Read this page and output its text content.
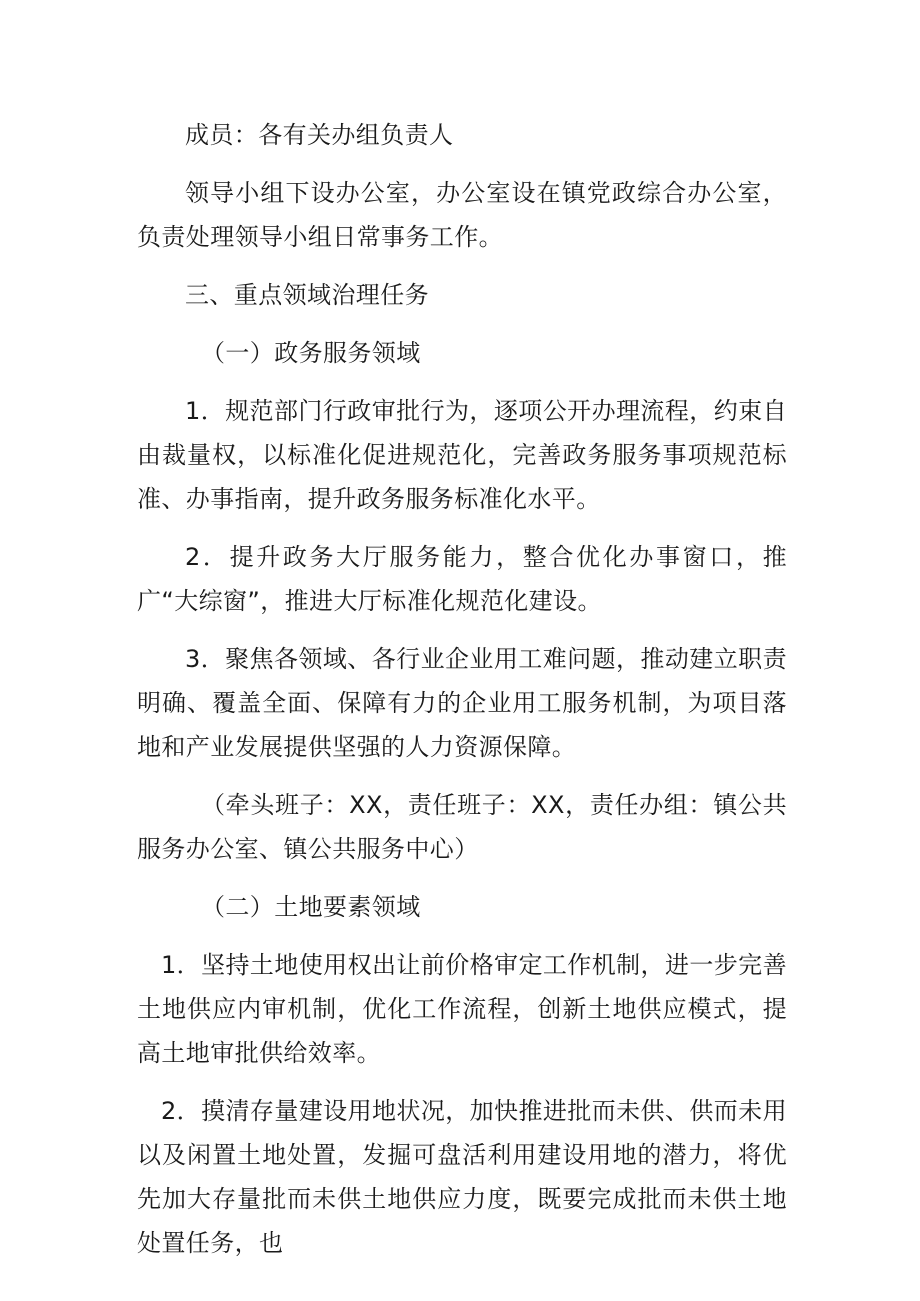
成员：各有关办组负责人

领导小组下设办公室，办公室设在镇党政综合办公室，负责处理领导小组日常事务工作。

三、重点领域治理任务

（一）政务服务领域

1．规范部门行政审批行为，逐项公开办理流程，约束自由裁量权，以标准化促进规范化，完善政务服务事项规范标准、办事指南，提升政务服务标准化水平。

2．提升政务大厅服务能力，整合优化办事窗口，推广“大综窗”，推进大厅标准化规范化建设。

3．聚焦各领域、各行业企业用工难问题，推动建立职责明确、覆盖全面、保障有力的企业用工服务机制，为项目落地和产业发展提供坚强的人力资源保障。

（牵头班子：XX，责任班子：XX，责任办组：镇公共服务办公室、镇公共服务中心）

（二）土地要素领域

1．坚持土地使用权出让前价格审定工作机制，进一步完善土地供应内审机制，优化工作流程，创新土地供应模式，提高土地审批供给效率。

2．摸清存量建设用地状况，加快推进批而未供、供而未用以及闲置土地处置，发掘可盘活利用建设用地的潜力，将优先加大存量批而未供土地供应力度，既要完成批而未供土地处置任务，也
